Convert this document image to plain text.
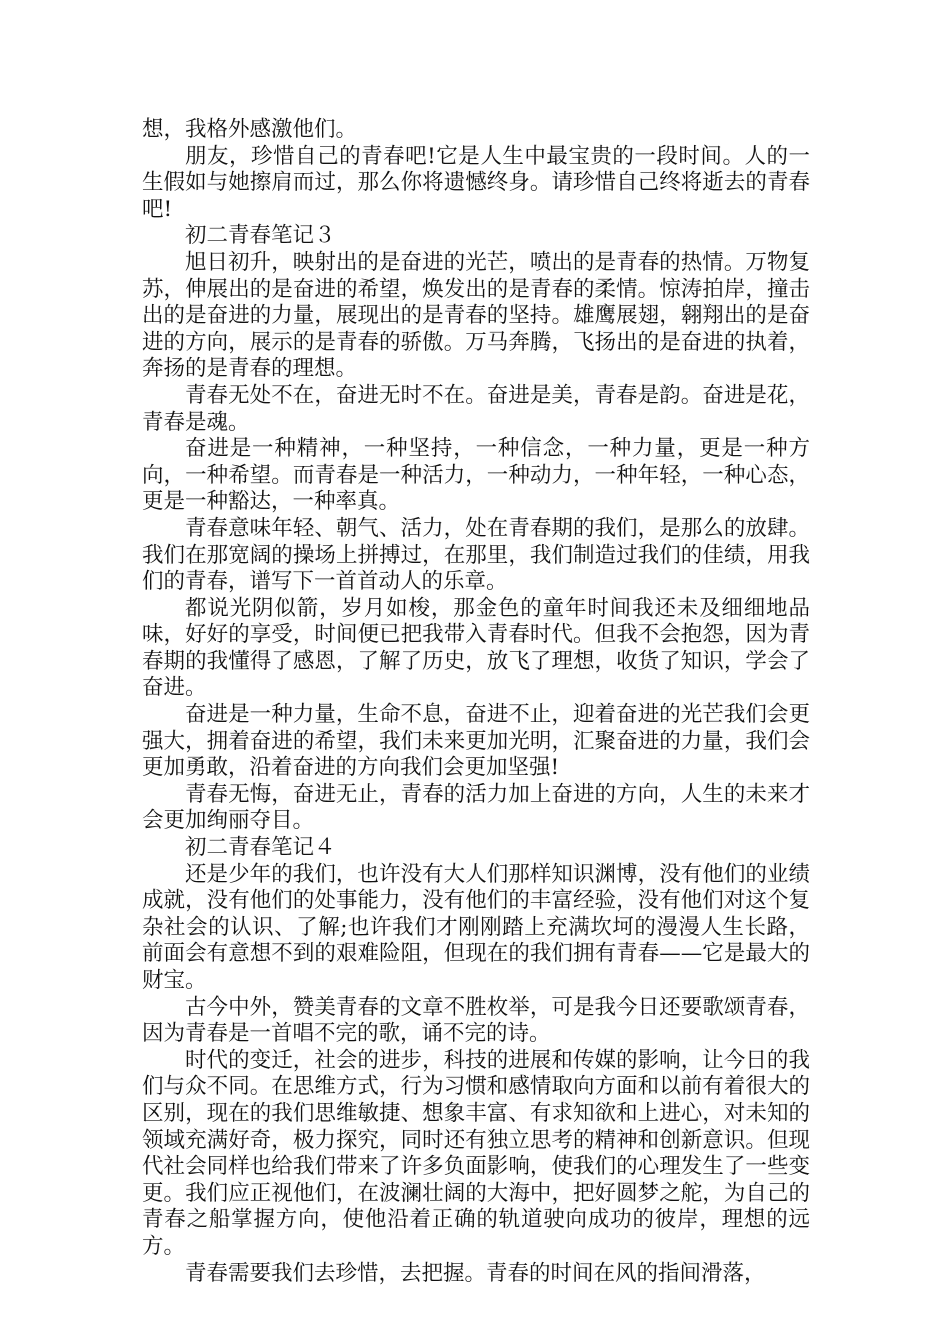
想，我格外感激他们。

朋友，珍惜自己的青春吧!它是人生中最宝贵的一段时间。人的一生假如与她擦肩而过，那么你将遗憾终身。请珍惜自己终将逝去的青春吧!

初二青春笔记３

旭日初升，映射出的是奋进的光芒，喷出的是青春的热情。万物复苏，伸展出的是奋进的希望，焕发出的是青春的柔情。惊涛拍岸，撞击出的是奋进的力量，展现出的是青春的坚持。雄鹰展翅，翱翔出的是奋进的方向，展示的是青春的骄傲。万马奔腾，飞扬出的是奋进的执着，奔扬的是青春的理想。

青春无处不在，奋进无时不在。奋进是美，青春是韵。奋进是花，青春是魂。

奋进是一种精神，一种坚持，一种信念，一种力量，更是一种方向，一种希望。而青春是一种活力，一种动力，一种年轻，一种心态，更是一种豁达，一种率真。

青春意味年轻、朝气、活力，处在青春期的我们，是那么的放肆。我们在那宽阔的操场上拼搏过，在那里，我们制造过我们的佳绩，用我们的青春，谱写下一首首动人的乐章。

都说光阴似箭，岁月如梭，那金色的童年时间我还未及细细地品味，好好的享受，时间便已把我带入青春时代。但我不会抱怨，因为青春期的我懂得了感恩，了解了历史，放飞了理想，收货了知识，学会了奋进。

奋进是一种力量，生命不息，奋进不止，迎着奋进的光芒我们会更强大，拥着奋进的希望，我们未来更加光明，汇聚奋进的力量，我们会更加勇敢，沿着奋进的方向我们会更加坚强!

青春无悔，奋进无止，青春的活力加上奋进的方向，人生的未来才会更加绚丽夺目。

初二青春笔记４

还是少年的我们，也许没有大人们那样知识渊博，没有他们的业绩成就，没有他们的处事能力，没有他们的丰富经验，没有他们对这个复杂社会的认识、了解;也许我们才刚刚踏上充满坎坷的漫漫人生长路，前面会有意想不到的艰难险阻，但现在的我们拥有青春——它是最大的财宝。

古今中外，赞美青春的文章不胜枚举，可是我今日还要歌颂青春，因为青春是一首唱不完的歌，诵不完的诗。

时代的变迁，社会的进步，科技的进展和传媒的影响，让今日的我们与众不同。在思维方式，行为习惯和感情取向方面和以前有着很大的区别，现在的我们思维敏捷、想象丰富、有求知欲和上进心，对未知的领域充满好奇，极力探究，同时还有独立思考的精神和创新意识。但现代社会同样也给我们带来了许多负面影响，使我们的心理发生了一些变更。我们应正视他们，在波澜壮阔的大海中，把好圆梦之舵，为自己的青春之船掌握方向，使他沿着正确的轨道驶向成功的彼岸，理想的远方。

青春需要我们去珍惜，去把握。青春的时间在风的指间滑落，
